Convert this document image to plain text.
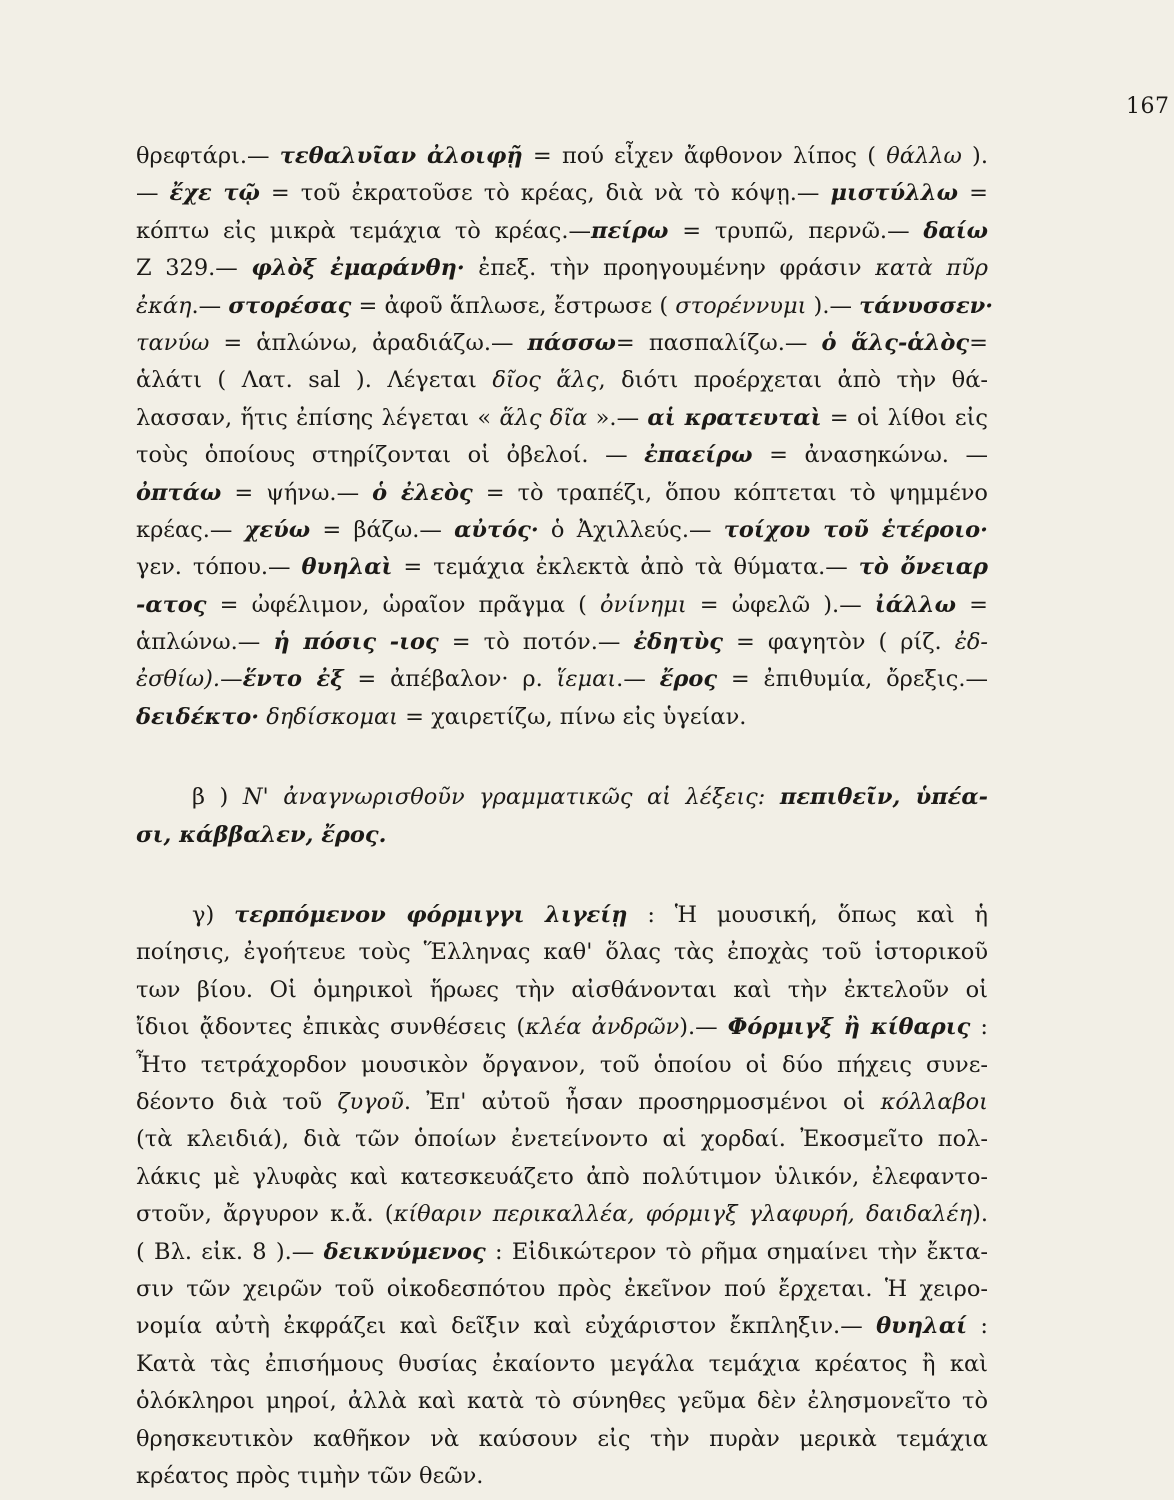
167
θρεφτάρι.— τεθαλυῖαν ἀλοιφῇ = πού εἶχεν ἄφθονον λίπος ( θάλλω ).
— ἔχε τῷ = τοῦ ἐκρατοῦσε τὸ κρέας, διὰ νὰ τὸ κόψῃ.— μιστύλλω =
κόπτω εἰς μικρὰ τεμάχια τὸ κρέας.—πείρω = τρυπῶ, περνῶ.— δαίω
Ζ 329.— φλὸξ ἐμαράνθη· ἐπεξ. τὴν προηγουμένην φράσιν κατὰ πῦρ
ἐκάη.— στορέσας = ἀφοῦ ἅπλωσε, ἔστρωσε ( στορέννυμι ).— τάνυσσεν·
τανύω = ἁπλώνω, ἀραδιάζω.— πάσσω= πασπαλίζω.— ὁ ἅλς-ἁλὸς=
ἁλάτι ( Λατ. sal ). Λέγεται δῖος ἅλς, διότι προέρχεται ἀπὸ τὴν θά-
λασσαν, ἥτις ἐπίσης λέγεται « ἅλς δῖα ».— αἱ κρατευταὶ = οἱ λίθοι εἰς
τοὺς ὁποίους στηρίζονται οἱ ὀβελοί. — ἐπαείρω = ἀνασηκώνω. —
ὀπτάω = ψήνω.— ὁ ἐλεὸς = τὸ τραπέζι, ὅπου κόπτεται τὸ ψημμένο
κρέας.— χεύω = βάζω.— αὐτός· ὁ Ἀχιλλεύς.— τοίχου τοῦ ἑτέροιο·
γεν. τόπου.— θυηλαὶ = τεμάχια ἐκλεκτὰ ἀπὸ τὰ θύματα.— τὸ ὄνειαρ
-ατος = ὠφέλιμον, ὡραῖον πρᾶγμα ( ὀνίνημι = ὠφελῶ ).— ἰάλλω =
ἁπλώνω.— ἡ πόσις -ιος = τὸ ποτόν.— ἐδητὺς = φαγητὸν ( ρίζ. ἐδ-
ἐσθίω).—ἕντο ἐξ = ἀπέβαλον· ρ. ἵεμαι.— ἔρος = ἐπιθυμία, ὄρεξις.—
δειδέκτο· δηδίσκομαι = χαιρετίζω, πίνω εἰς ὑγείαν.
β ) Ν' ἀναγνωρισθοῦν γραμματικῶς αἱ λέξεις: πεπιθεῖν, ὑπέα-
σι, κάββαλεν, ἔρος.
γ) τερπόμενον φόρμιγγι λιγείῃ : Ἡ μουσική, ὅπως καὶ ἡ
ποίησις, ἐγοήτευε τοὺς Ἕλληνας καθ' ὅλας τὰς ἐποχὰς τοῦ ἱστορικοῦ
των βίου. Οἱ ὁμηρικοὶ ἥρωες τὴν αἰσθάνονται καὶ τὴν ἐκτελοῦν οἱ
ἴδιοι ᾄδοντες ἐπικὰς συνθέσεις (κλέα ἀνδρῶν).— Φόρμιγξ ἢ κίθαρις :
Ἦτο τετράχορδον μουσικὸν ὄργανον, τοῦ ὁποίου οἱ δύο πήχεις συνε-
δέοντο διὰ τοῦ ζυγοῦ. Ἐπ' αὐτοῦ ἦσαν προσηρμοσμένοι οἱ κόλλαβοι
(τὰ κλειδιά), διὰ τῶν ὁποίων ἐνετείνοντο αἱ χορδαί. Ἐκοσμεῖτο πολ-
λάκις μὲ γλυφὰς καὶ κατεσκευάζετο ἀπὸ πολύτιμον ὑλικόν, ἐλεφαντο-
στοῦν, ἄργυρον κ.ἄ. (κίθαριν περικαλλέα, φόρμιγξ γλαφυρή, δαιδαλέη).
( Βλ. εἰκ. 8 ).— δεικνύμενος : Εἰδικώτερον τὸ ρῆμα σημαίνει τὴν ἔκτα-
σιν τῶν χειρῶν τοῦ οἰκοδεσπότου πρὸς ἐκεῖνον πού ἔρχεται. Ἡ χειρο-
νομία αὐτὴ ἐκφράζει καὶ δεῖξιν καὶ εὐχάριστον ἔκπληξιν.— θυηλαί :
Κατὰ τὰς ἐπισήμους θυσίας ἐκαίοντο μεγάλα τεμάχια κρέατος ἢ καὶ
ὁλόκληροι μηροί, ἀλλὰ καὶ κατὰ τὸ σύνηθες γεῦμα δὲν ἐλησμονεῖτο τὸ
θρησκευτικὸν καθῆκον νὰ καύσουν εἰς τὴν πυρὰν μερικὰ τεμάχια
κρέατος πρὸς τιμὴν τῶν θεῶν.
